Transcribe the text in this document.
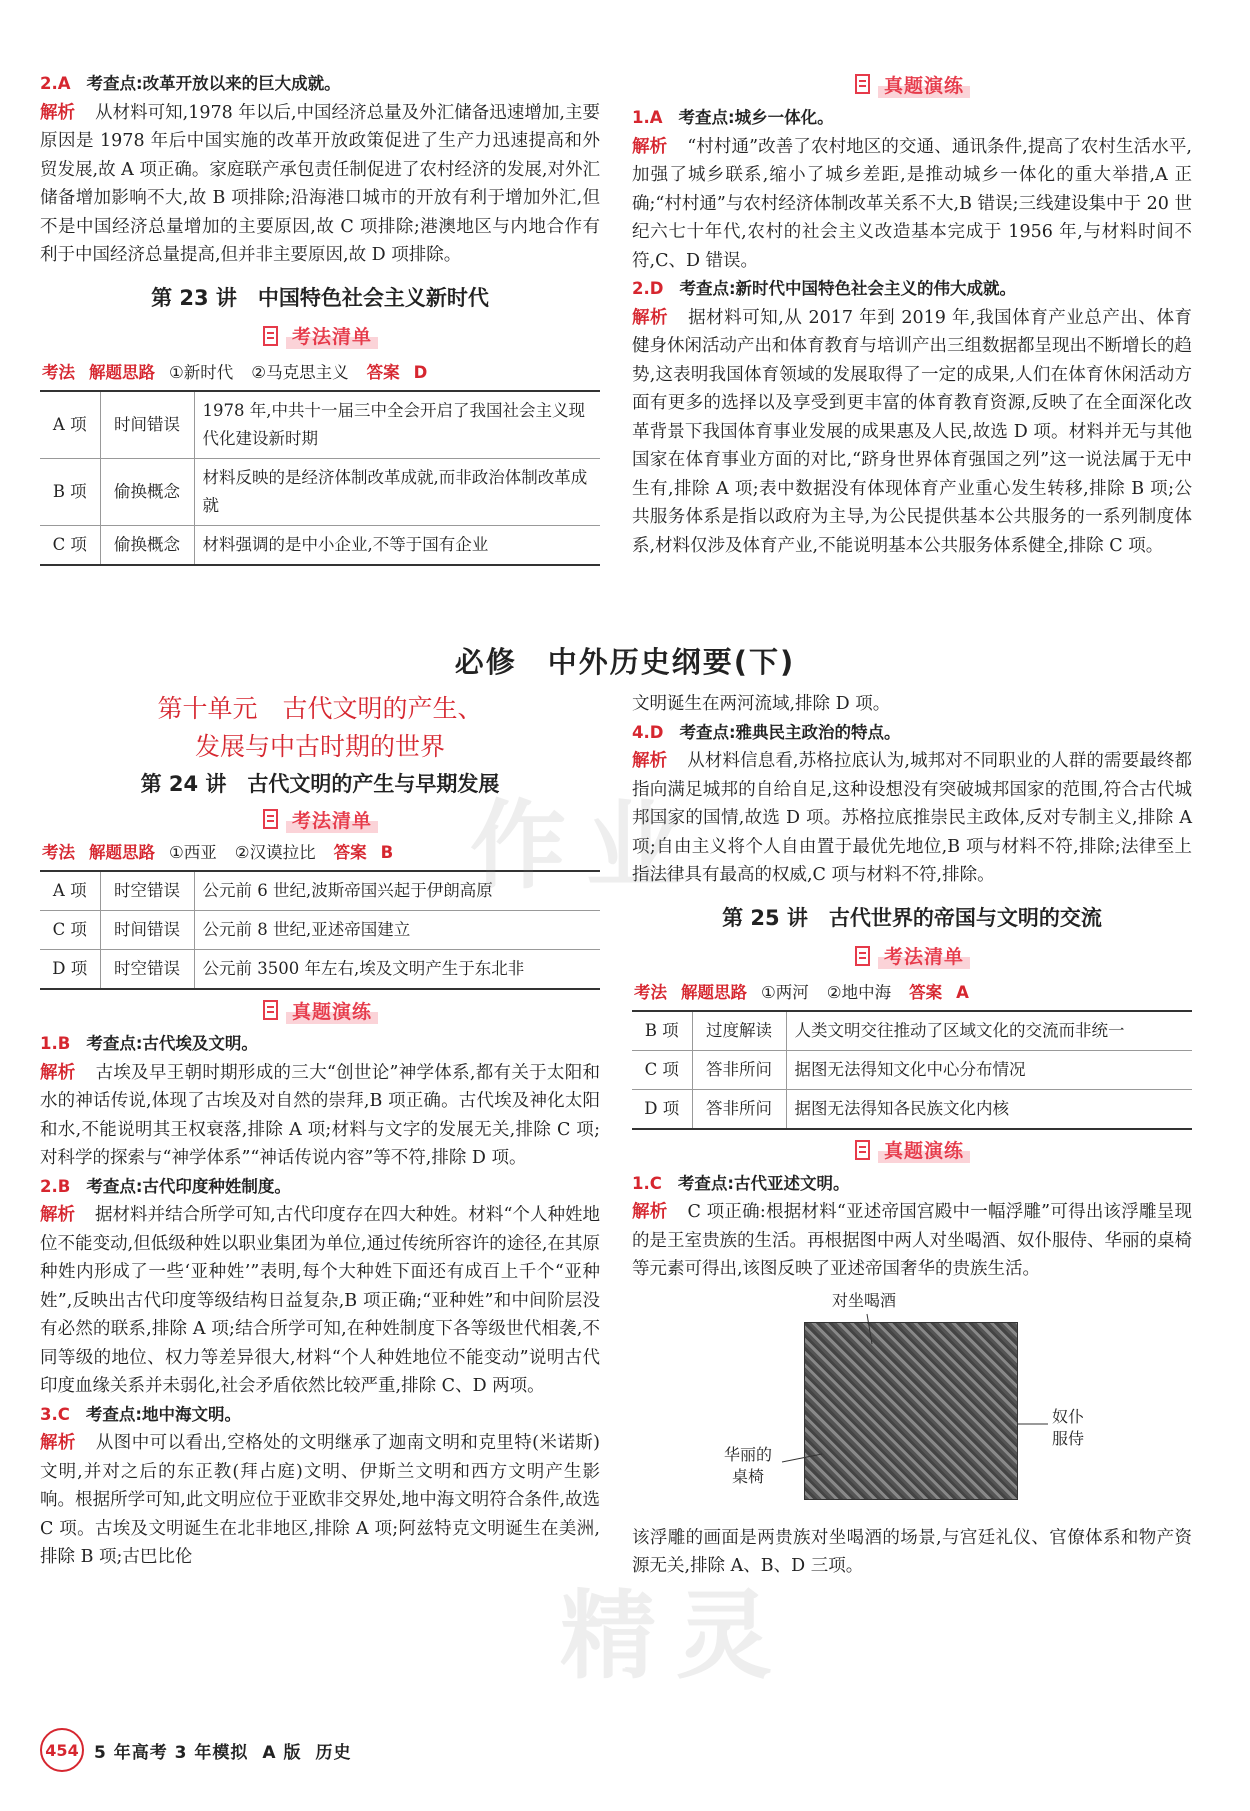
2.A 考查点:改革开放以来的巨大成就。
解析 从材料可知,1978 年以后,中国经济总量及外汇储备迅速增加,主要原因是 1978 年后中国实施的改革开放政策促进了生产力迅速提高和外贸发展,故 A 项正确。家庭联产承包责任制促进了农村经济的发展,对外汇储备增加影响不大,故 B 项排除;沿海港口城市的开放有利于增加外汇,但不是中国经济总量增加的主要原因,故 C 项排除;港澳地区与内地合作有利于中国经济总量提高,但并非主要原因,故 D 项排除。
第 23 讲　中国特色社会主义新时代
考法清单
考法 解题思路 ①新时代 ②马克思主义 答案 D
A 项	时间错误	1978 年,中共十一届三中全会开启了我国社会主义现代化建设新时期
B 项	偷换概念	材料反映的是经济体制改革成就,而非政治体制改革成就
C 项	偷换概念	材料强调的是中小企业,不等于国有企业
真题演练
1.A 考查点:城乡一体化。
解析 “村村通”改善了农村地区的交通、通讯条件,提高了农村生活水平,加强了城乡联系,缩小了城乡差距,是推动城乡一体化的重大举措,A 正确;“村村通”与农村经济体制改革关系不大,B 错误;三线建设集中于 20 世纪六七十年代,农村的社会主义改造基本完成于 1956 年,与材料时间不符,C、D 错误。
2.D 考查点:新时代中国特色社会主义的伟大成就。
解析 据材料可知,从 2017 年到 2019 年,我国体育产业总产出、体育健身休闲活动产出和体育教育与培训产出三组数据都呈现出不断增长的趋势,这表明我国体育领域的发展取得了一定的成果,人们在体育休闲活动方面有更多的选择以及享受到更丰富的体育教育资源,反映了在全面深化改革背景下我国体育事业发展的成果惠及人民,故选 D 项。材料并无与其他国家在体育事业方面的对比,“跻身世界体育强国之列”这一说法属于无中生有,排除 A 项;表中数据没有体现体育产业重心发生转移,排除 B 项;公共服务体系是指以政府为主导,为公民提供基本公共服务的一系列制度体系,材料仅涉及体育产业,不能说明基本公共服务体系健全,排除 C 项。
必修　中外历史纲要(下)
第十单元　古代文明的产生、
发展与中古时期的世界
第 24 讲　古代文明的产生与早期发展
考法清单
考法 解题思路 ①西亚 ②汉谟拉比 答案 B
A 项	时空错误	公元前 6 世纪,波斯帝国兴起于伊朗高原
C 项	时间错误	公元前 8 世纪,亚述帝国建立
D 项	时空错误	公元前 3500 年左右,埃及文明产生于东北非
真题演练
1.B 考查点:古代埃及文明。
解析 古埃及早王朝时期形成的三大“创世论”神学体系,都有关于太阳和水的神话传说,体现了古埃及对自然的崇拜,B 项正确。古代埃及神化太阳和水,不能说明其王权衰落,排除 A 项;材料与文字的发展无关,排除 C 项;对科学的探索与“神学体系”“神话传说内容”等不符,排除 D 项。
2.B 考查点:古代印度种姓制度。
解析 据材料并结合所学可知,古代印度存在四大种姓。材料“个人种姓地位不能变动,但低级种姓以职业集团为单位,通过传统所容许的途径,在其原种姓内形成了一些‘亚种姓’”表明,每个大种姓下面还有成百上千个“亚种姓”,反映出古代印度等级结构日益复杂,B 项正确;“亚种姓”和中间阶层没有必然的联系,排除 A 项;结合所学可知,在种姓制度下各等级世代相袭,不同等级的地位、权力等差异很大,材料“个人种姓地位不能变动”说明古代印度血缘关系并未弱化,社会矛盾依然比较严重,排除 C、D 两项。
3.C 考查点:地中海文明。
解析 从图中可以看出,空格处的文明继承了迦南文明和克里特(米诺斯)文明,并对之后的东正教(拜占庭)文明、伊斯兰文明和西方文明产生影响。根据所学可知,此文明应位于亚欧非交界处,地中海文明符合条件,故选 C 项。古埃及文明诞生在北非地区,排除 A 项;阿兹特克文明诞生在美洲,排除 B 项;古巴比伦
文明诞生在两河流域,排除 D 项。
4.D 考查点:雅典民主政治的特点。
解析 从材料信息看,苏格拉底认为,城邦对不同职业的人群的需要最终都指向满足城邦的自给自足,这种设想没有突破城邦国家的范围,符合古代城邦国家的国情,故选 D 项。苏格拉底推崇民主政体,反对专制主义,排除 A 项;自由主义将个人自由置于最优先地位,B 项与材料不符,排除;法律至上指法律具有最高的权威,C 项与材料不符,排除。
第 25 讲　古代世界的帝国与文明的交流
考法清单
考法 解题思路 ①两河 ②地中海 答案 A
B 项	过度解读	人类文明交往推动了区域文化的交流而非统一
C 项	答非所问	据图无法得知文化中心分布情况
D 项	答非所问	据图无法得知各民族文化内核
真题演练
1.C 考查点:古代亚述文明。
解析 C 项正确:根据材料“亚述帝国宫殿中一幅浮雕”可得出该浮雕呈现的是王室贵族的生活。再根据图中两人对坐喝酒、奴仆服侍、华丽的桌椅等元素可得出,该图反映了亚述帝国奢华的贵族生活。
对坐喝酒
奴仆
服侍
华丽的
桌椅
该浮雕的画面是两贵族对坐喝酒的场景,与宫廷礼仪、官僚体系和物产资源无关,排除 A、B、D 三项。
作业
精灵
454 5 年高考 3 年模拟 A 版 历史
